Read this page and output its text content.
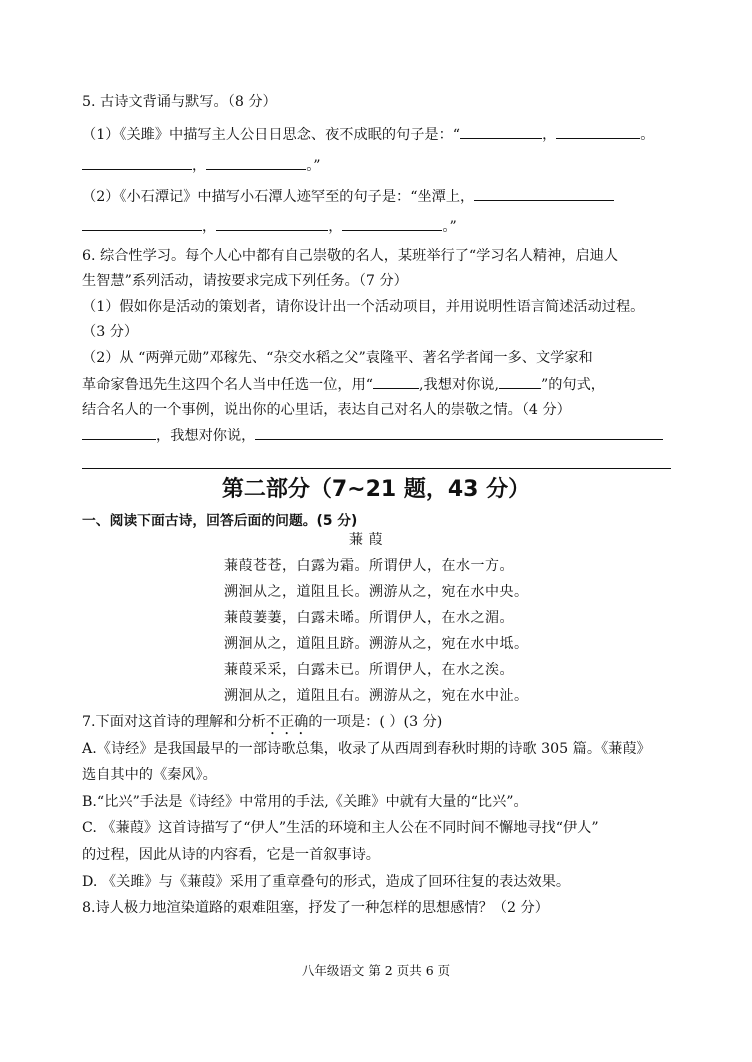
5. 古诗文背诵与默写。（8 分）
（1）《关雎》中描写主人公日日思念、夜不成眠的句子是：“	，	。
，	。”
（2）《小石潭记》中描写小石潭人迹罕至的句子是：“坐潭上，
，	，	。”
6. 综合性学习。每个人心中都有自己崇敬的名人，某班举行了“学习名人精神，启迪人
生智慧”系列活动，请按要求完成下列任务。（7 分）
（1）假如你是活动的策划者，请你设计出一个活动项目，并用说明性语言简述活动过程。
（3 分）
（2）从 “两弹元勋”邓稼先、“杂交水稻之父”袁隆平、著名学者闻一多、文学家和
革命家鲁迅先生这四个名人当中任选一位，用“	,我想对你说,	”的句式，
结合名人的一个事例，说出你的心里话，表达自己对名人的崇敬之情。（4 分）
，我想对你说，
第二部分（7~21 题，43 分）
一、阅读下面古诗，回答后面的问题。(5 分)
蒹 葭
蒹葭苍苍，白露为霜。所谓伊人，在水一方。
溯洄从之，道阻且长。溯游从之，宛在水中央。
蒹葭萋萋，白露未晞。所谓伊人，在水之湄。
溯洄从之，道阻且跻。溯游从之，宛在水中坻。
蒹葭采采，白露未已。所谓伊人，在水之涘。
溯洄从之，道阻且右。溯游从之，宛在水中沚。
7.下面对这首诗的理解和分析不正确的一项是：( ）(3 分)
A.《诗经》是我国最早的一部诗歌总集，收录了从西周到春秋时期的诗歌 305 篇。《蒹葭》
选自其中的《秦风》。
B.“比兴”手法是《诗经》中常用的手法,《关雎》中就有大量的“比兴”。
C. 《蒹葭》这首诗描写了“伊人”生活的环境和主人公在不同时间不懈地寻找“伊人”
的过程，因此从诗的内容看，它是一首叙事诗。
D. 《关雎》与《蒹葭》采用了重章叠句的形式，造成了回环往复的表达效果。
8.诗人极力地渲染道路的艰难阻塞，抒发了一种怎样的思想感情？（2 分）
八年级语文 第 2 页共 6 页
